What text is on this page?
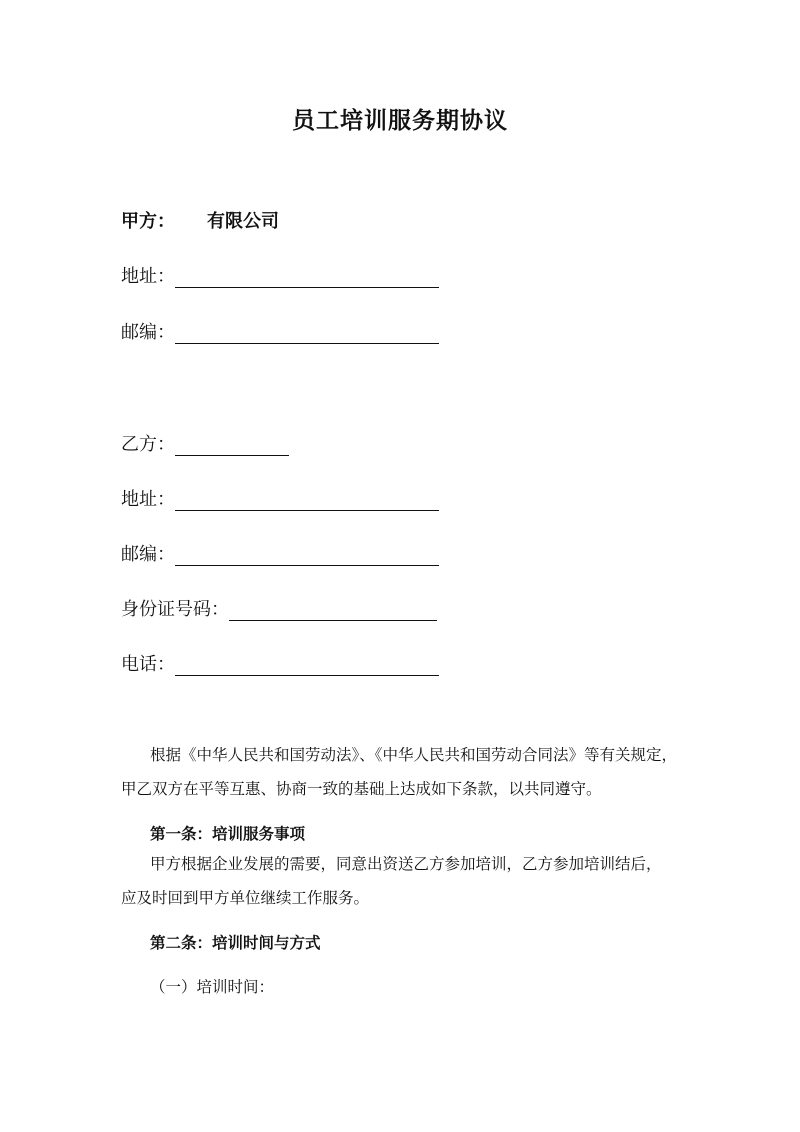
员工培训服务期协议
甲方： 有限公司
地址：
邮编：
乙方：
地址：
邮编：
身份证号码：
电话：
根据《中华人民共和国劳动法》、《中华人民共和国劳动合同法》等有关规定，
甲乙双方在平等互惠、协商一致的基础上达成如下条款，以共同遵守。
第一条：培训服务事项
甲方根据企业发展的需要，同意出资送乙方参加培训，乙方参加培训结后，
应及时回到甲方单位继续工作服务。
第二条：培训时间与方式
（一）培训时间：
